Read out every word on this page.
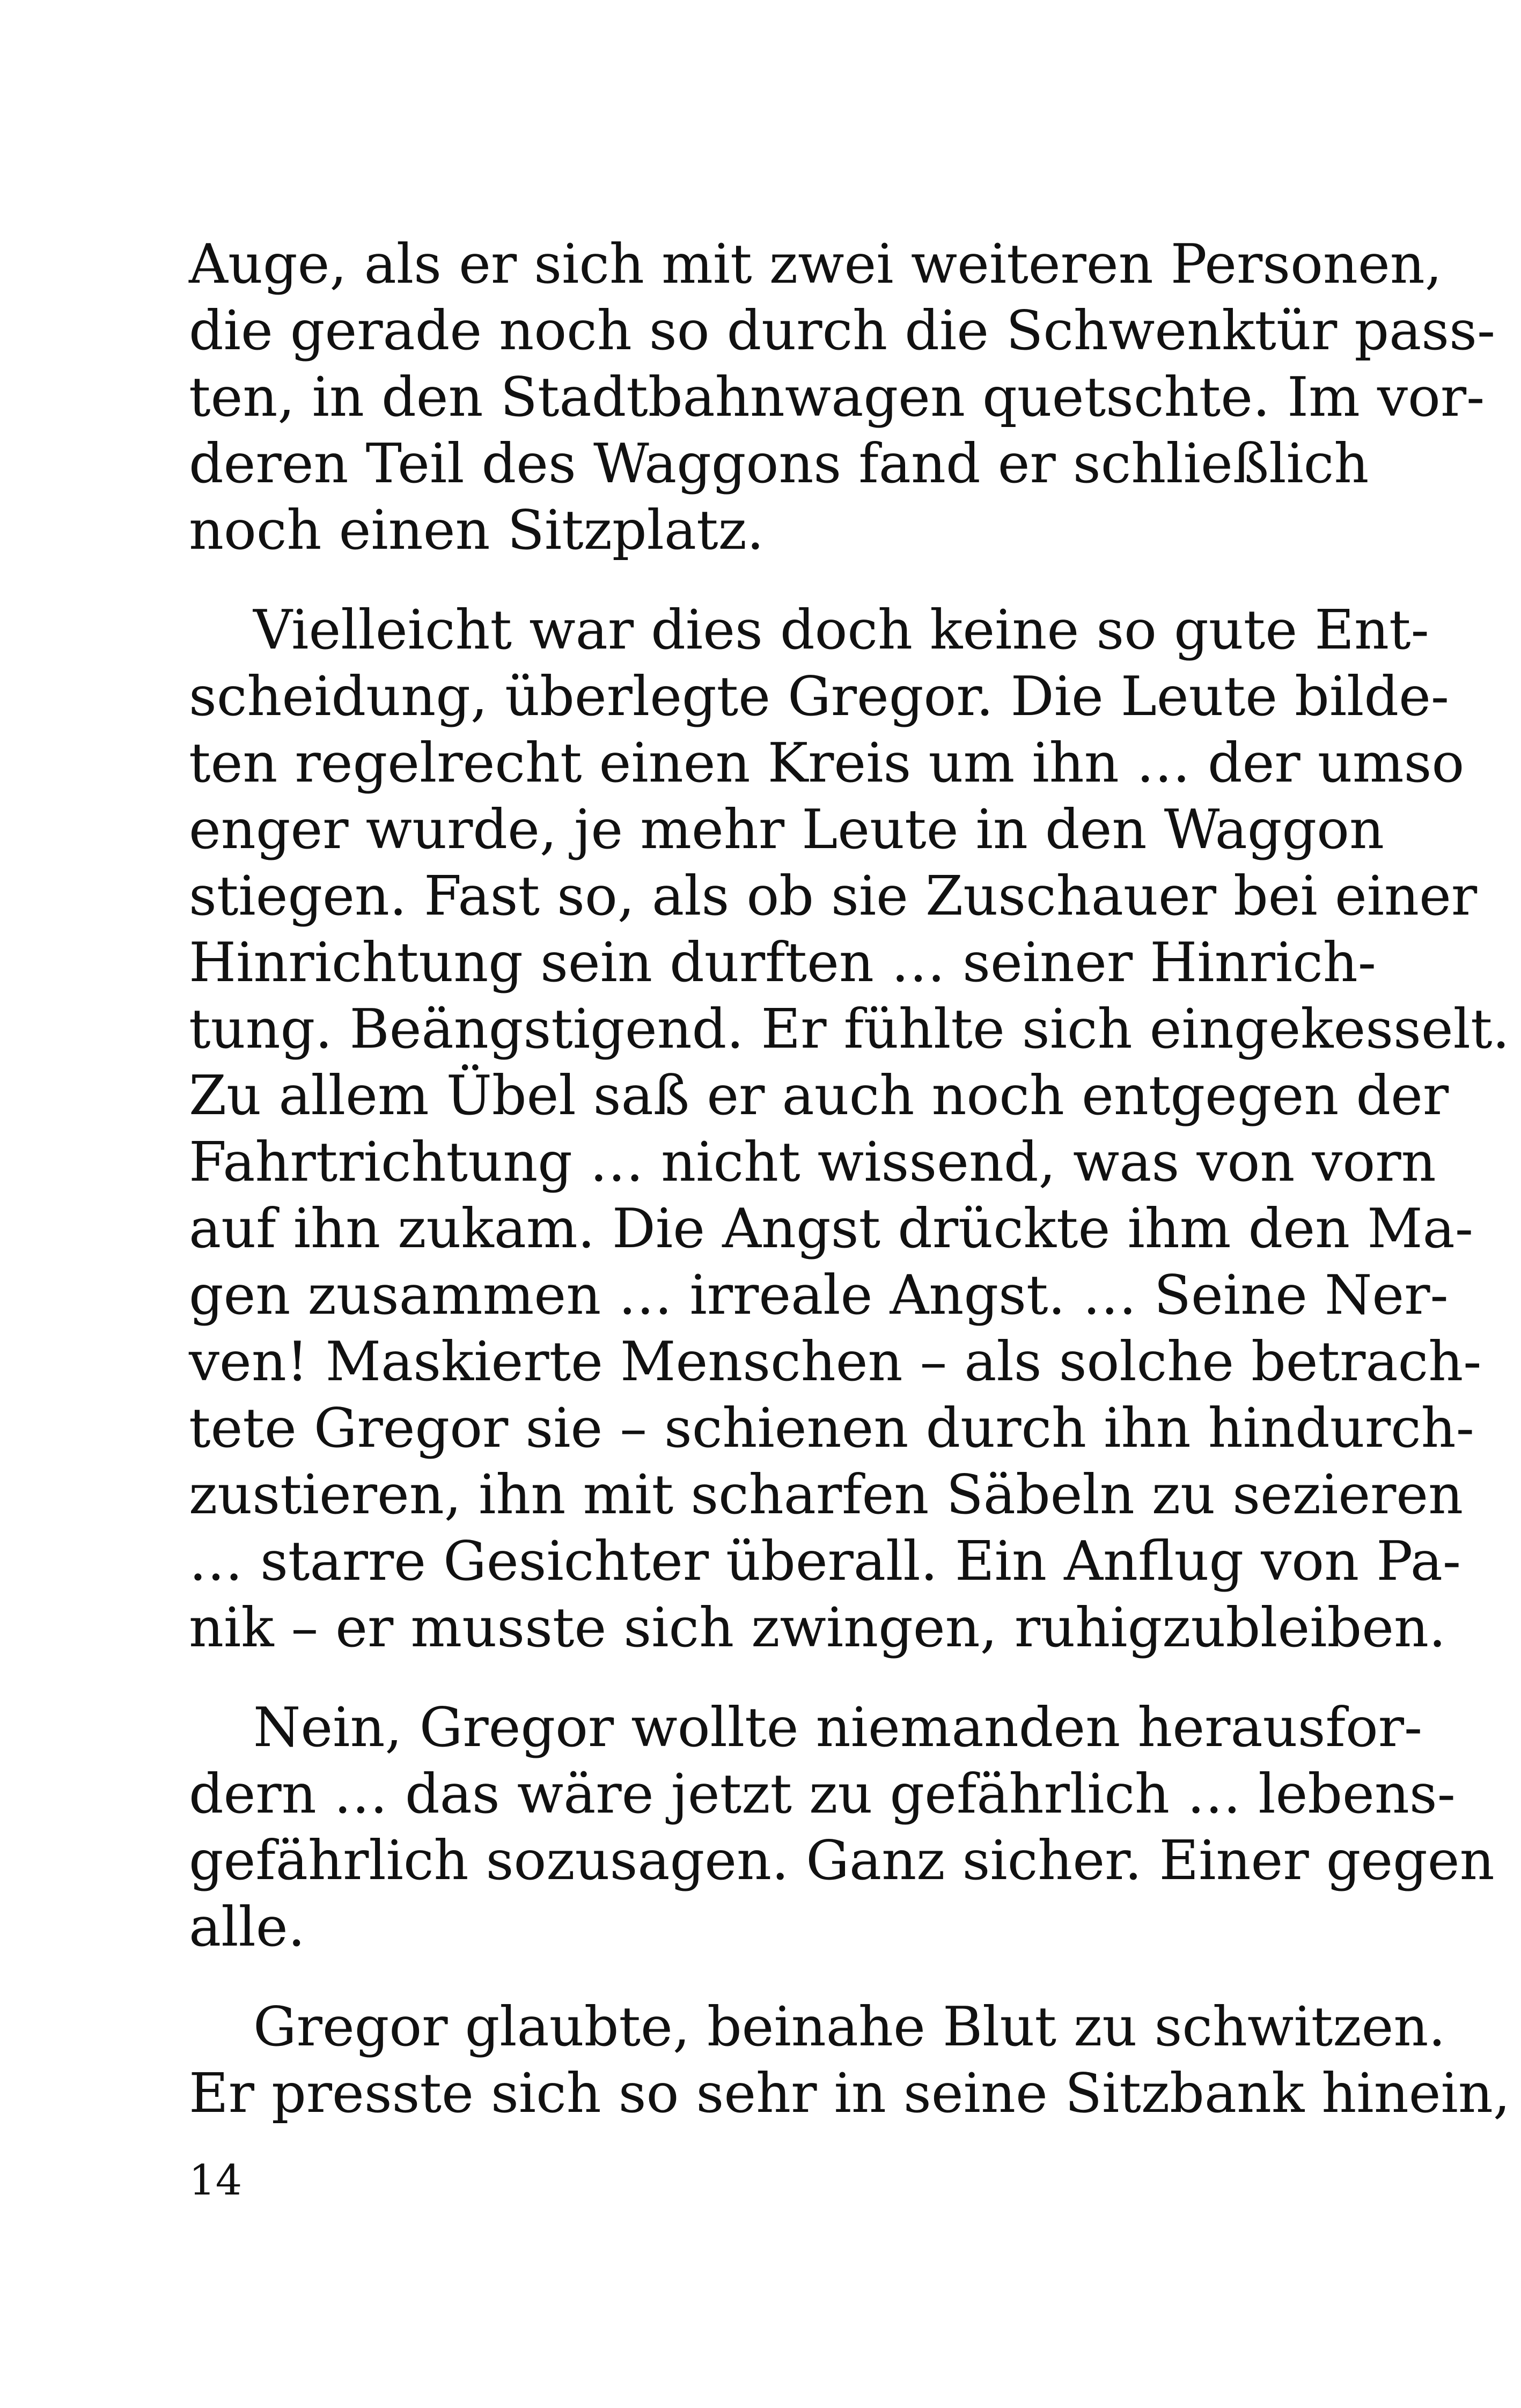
Auge, als er sich mit zwei weiteren Personen,
die gerade noch so durch die Schwenktür pass-
ten, in den Stadtbahnwagen quetschte. Im vor-
deren Teil des Waggons fand er schließlich
noch einen Sitzplatz.
Vielleicht war dies doch keine so gute Ent-
scheidung, überlegte Gregor. Die Leute bilde-
ten regelrecht einen Kreis um ihn … der umso
enger wurde, je mehr Leute in den Waggon
stiegen. Fast so, als ob sie Zuschauer bei einer
Hinrichtung sein durften … seiner Hinrich-
tung. Beängstigend. Er fühlte sich eingekesselt.
Zu allem Übel saß er auch noch entgegen der
Fahrtrichtung … nicht wissend, was von vorn
auf ihn zukam. Die Angst drückte ihm den Ma-
gen zusammen … irreale Angst. … Seine Ner-
ven! Maskierte Menschen – als solche betrach-
tete Gregor sie – schienen durch ihn hindurch-
zustieren, ihn mit scharfen Säbeln zu sezieren
… starre Gesichter überall. Ein Anflug von Pa-
nik – er musste sich zwingen, ruhigzubleiben.
Nein, Gregor wollte niemanden herausfor-
dern … das wäre jetzt zu gefährlich … lebens-
gefährlich sozusagen. Ganz sicher. Einer gegen
alle.
Gregor glaubte, beinahe Blut zu schwitzen.
Er presste sich so sehr in seine Sitzbank hinein,
14
